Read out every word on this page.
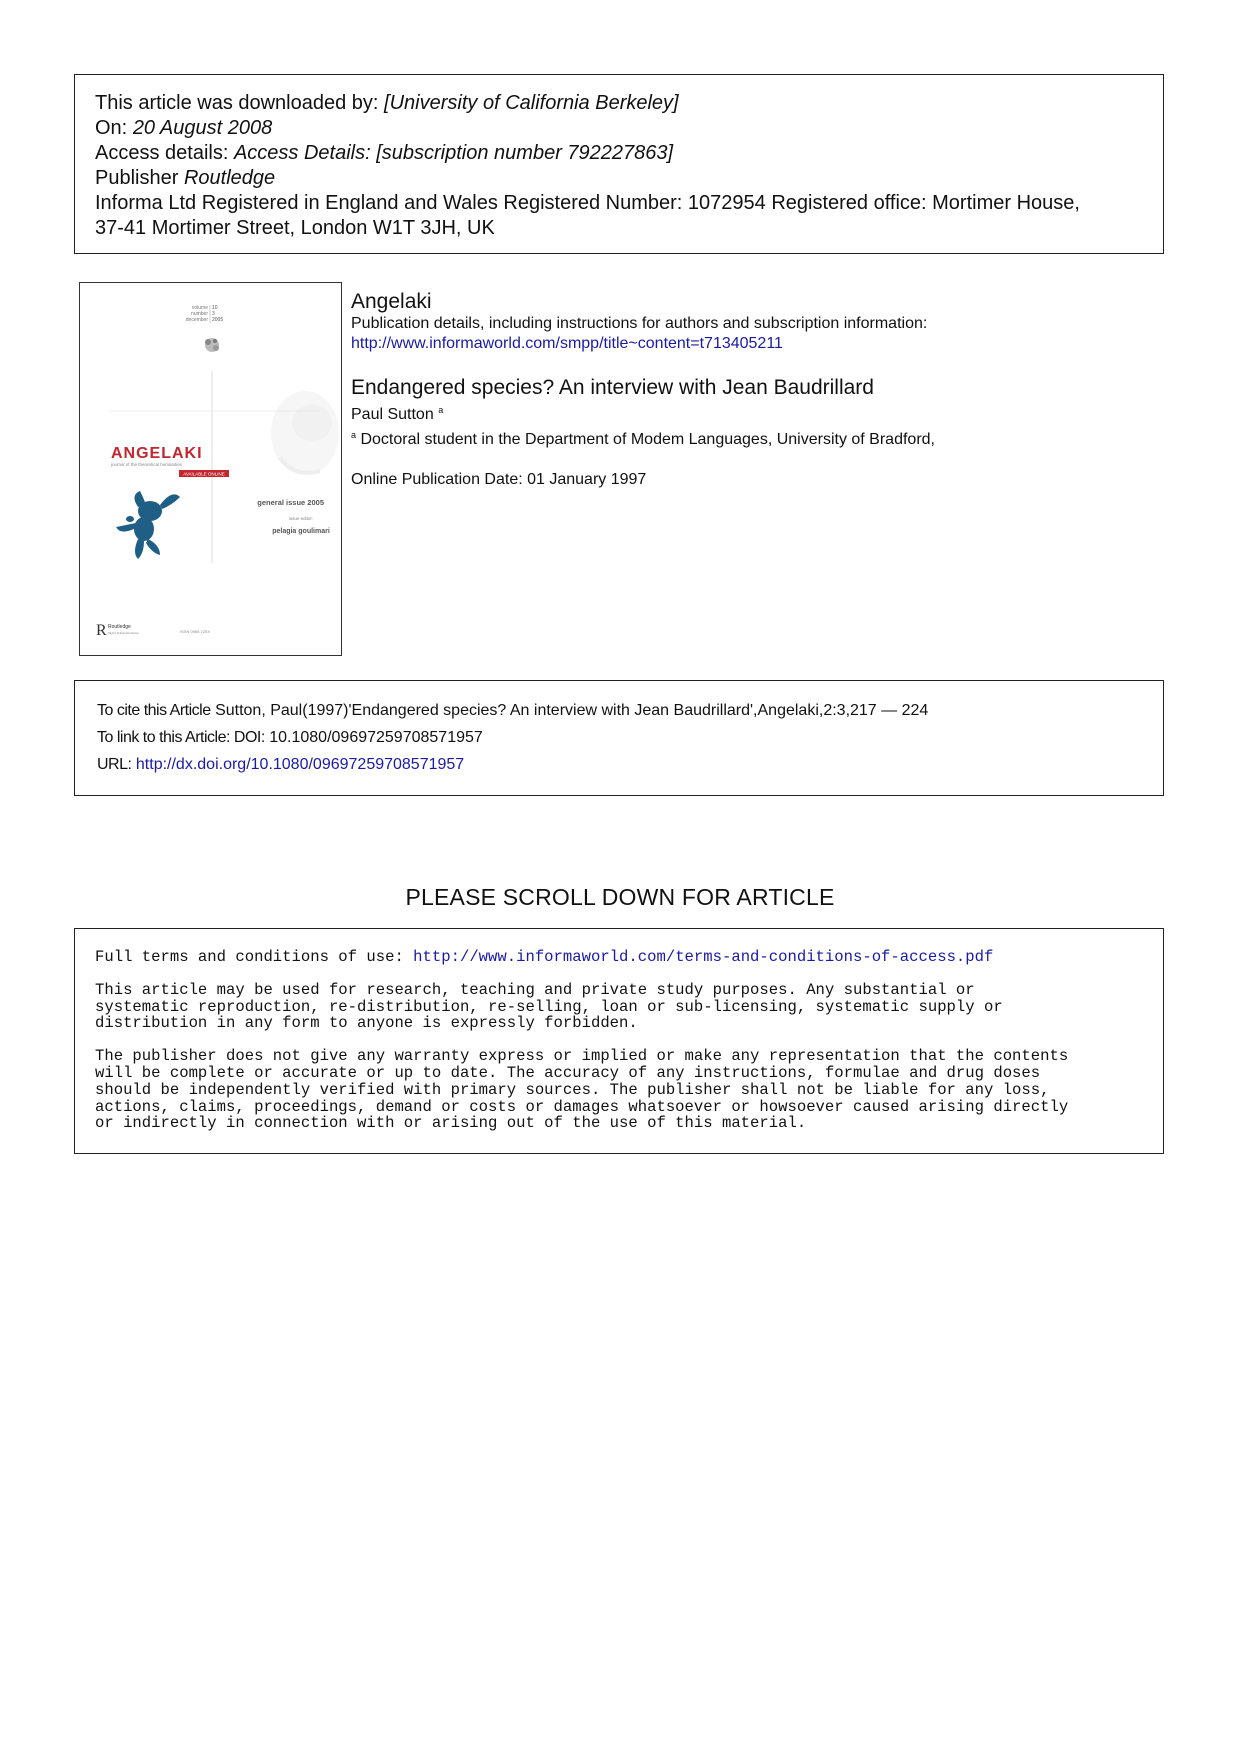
This article was downloaded by: [University of California Berkeley]
On: 20 August 2008
Access details: Access Details: [subscription number 792227863]
Publisher Routledge
Informa Ltd Registered in England and Wales Registered Number: 1072954 Registered office: Mortimer House,
37-41 Mortimer Street, London W1T 3JH, UK
volume 10
number 3
december 2005
ANGELAKI
journal of the theoretical humanities
AVAILABLE ONLINE
general issue 2005
issue editor:
pelagia goulimari
R Routledge
Taylor & Francis Group	ISSN 0969-725X
Angelaki
Publication details, including instructions for authors and subscription information:
http://www.informaworld.com/smpp/title~content=t713405211
Endangered species? An interview with Jean Baudrillard
Paul Sutton $^a$
$^a$ Doctoral student in the Department of Modem Languages, University of Bradford,
Online Publication Date: 01 January 1997
To cite this Article Sutton, Paul(1997)'Endangered species? An interview with Jean Baudrillard',Angelaki,2:3,217 — 224
To link to this Article: DOI: 10.1080/09697259708571957
URL: http://dx.doi.org/10.1080/09697259708571957
PLEASE SCROLL DOWN FOR ARTICLE

Full terms and conditions of use: http://www.informaworld.com/terms-and-conditions-of-access.pdf

This article may be used for research, teaching and private study purposes. Any substantial or
systematic reproduction, re-distribution, re-selling, loan or sub-licensing, systematic supply or
distribution in any form to anyone is expressly forbidden.

The publisher does not give any warranty express or implied or make any representation that the contents
will be complete or accurate or up to date. The accuracy of any instructions, formulae and drug doses
should be independently verified with primary sources. The publisher shall not be liable for any loss,
actions, claims, proceedings, demand or costs or damages whatsoever or howsoever caused arising directly
or indirectly in connection with or arising out of the use of this material.
